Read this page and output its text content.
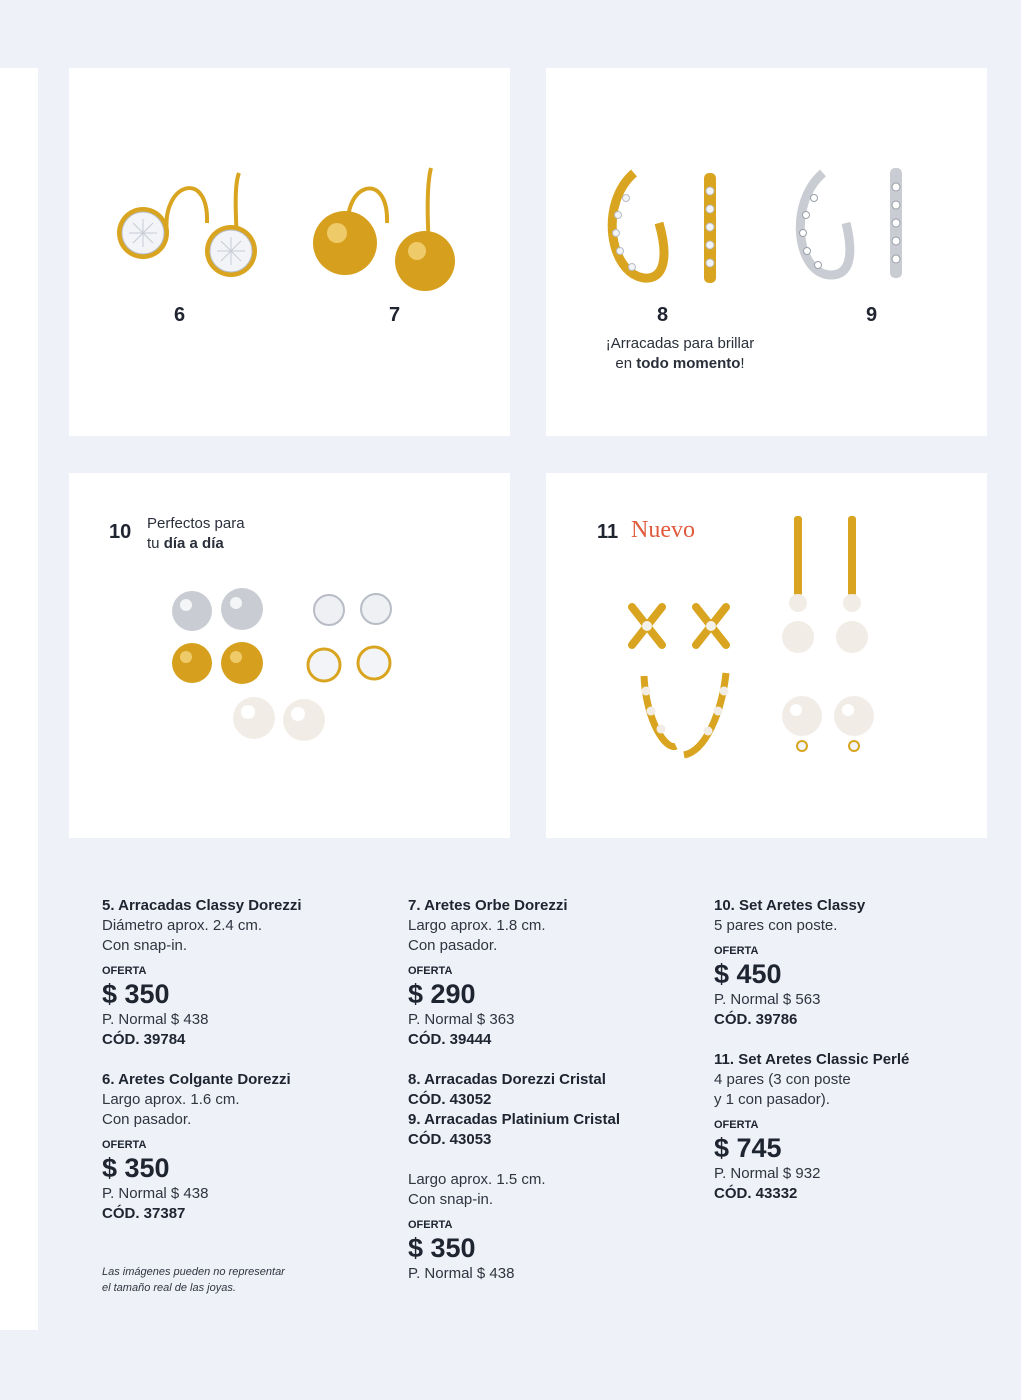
6	7	8	9
¡Arracadas para brillar
en todo momento!
10 Perfectos para
tu día a día
11 Nuevo
5. Arracadas Classy Dorezzi
Diámetro aprox. 2.4 cm.
Con snap-in.
OFERTA
$ 350
P. Normal $ 438
CÓD. 39784
6. Aretes Colgante Dorezzi
Largo aprox. 1.6 cm.
Con pasador.
OFERTA
$ 350
P. Normal $ 438
CÓD. 37387
7. Aretes Orbe Dorezzi
Largo aprox. 1.8 cm.
Con pasador.
OFERTA
$ 290
P. Normal $ 363
CÓD. 39444
8. Arracadas Dorezzi Cristal
CÓD. 43052
9. Arracadas Platinium Cristal
CÓD. 43053
Largo aprox. 1.5 cm.
Con snap-in.
OFERTA
$ 350
P. Normal $ 438
10. Set Aretes Classy
5 pares con poste.
OFERTA
$ 450
P. Normal $ 563
CÓD. 39786
11. Set Aretes Classic Perlé
4 pares (3 con poste
y 1 con pasador).
OFERTA
$ 745
P. Normal $ 932
CÓD. 43332
Las imágenes pueden no representar
el tamaño real de las joyas.
